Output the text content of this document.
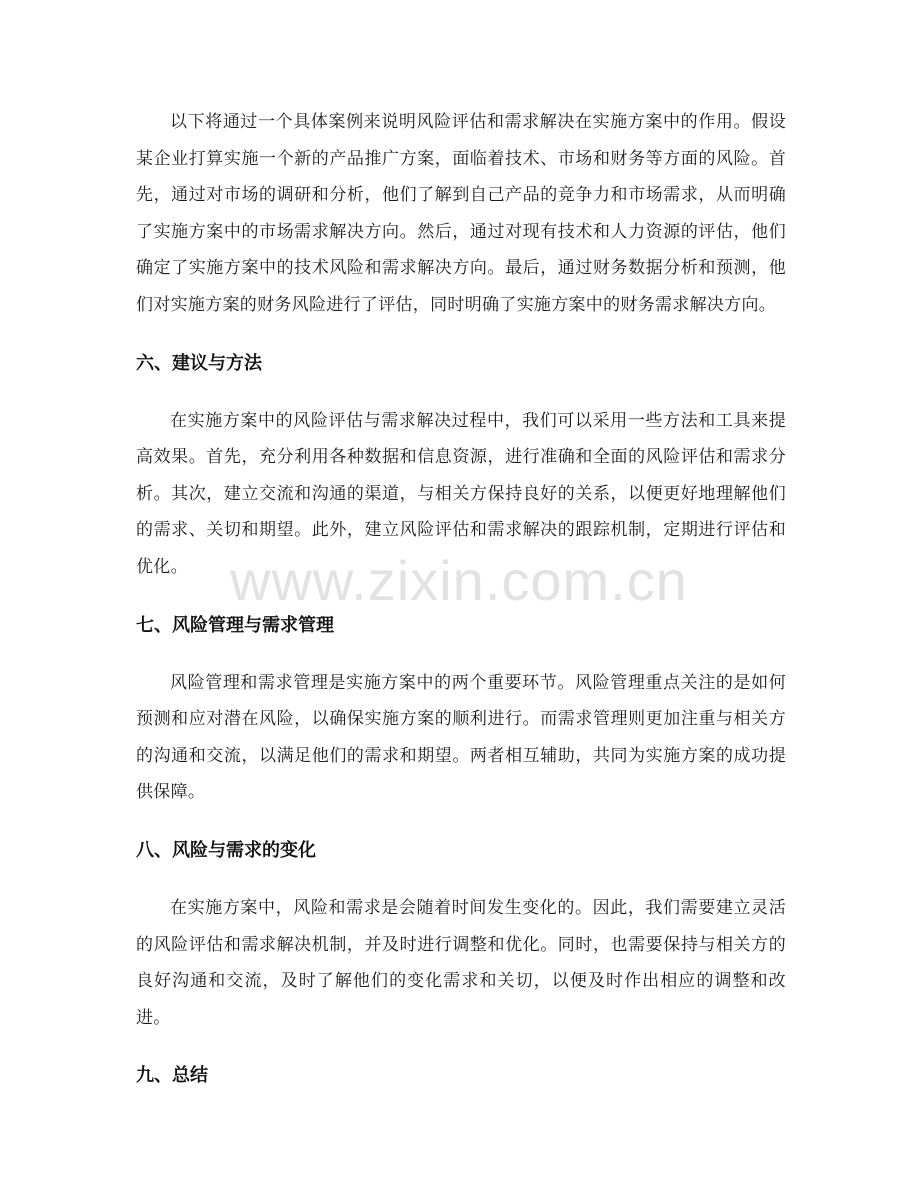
以下将通过一个具体案例来说明风险评估和需求解决在实施方案中的作用。假设某企业打算实施一个新的产品推广方案，面临着技术、市场和财务等方面的风险。首先，通过对市场的调研和分析，他们了解到自己产品的竞争力和市场需求，从而明确了实施方案中的市场需求解决方向。然后，通过对现有技术和人力资源的评估，他们确定了实施方案中的技术风险和需求解决方向。最后，通过财务数据分析和预测，他们对实施方案的财务风险进行了评估，同时明确了实施方案中的财务需求解决方向。

六、建议与方法

在实施方案中的风险评估与需求解决过程中，我们可以采用一些方法和工具来提高效果。首先，充分利用各种数据和信息资源，进行准确和全面的风险评估和需求分析。其次，建立交流和沟通的渠道，与相关方保持良好的关系，以便更好地理解他们的需求、关切和期望。此外，建立风险评估和需求解决的跟踪机制，定期进行评估和优化。

七、风险管理与需求管理

风险管理和需求管理是实施方案中的两个重要环节。风险管理重点关注的是如何预测和应对潜在风险，以确保实施方案的顺利进行。而需求管理则更加注重与相关方的沟通和交流，以满足他们的需求和期望。两者相互辅助，共同为实施方案的成功提供保障。

八、风险与需求的变化

在实施方案中，风险和需求是会随着时间发生变化的。因此，我们需要建立灵活的风险评估和需求解决机制，并及时进行调整和优化。同时，也需要保持与相关方的良好沟通和交流，及时了解他们的变化需求和关切，以便及时作出相应的调整和改进。

九、总结
www.zixin.com.cn
